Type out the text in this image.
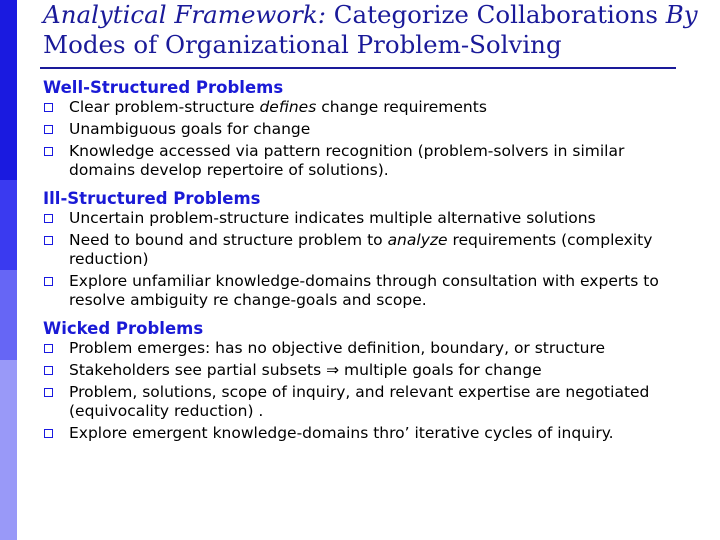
Analytical Framework: Categorize Collaborations By
Modes of Organizational Problem-Solving
Well-Structured Problems
Clear problem-structure defines change requirements
Unambiguous goals for change
Knowledge accessed via pattern recognition (problem-solvers in similar domains develop repertoire of solutions).
Ill-Structured Problems
Uncertain problem-structure indicates multiple alternative solutions
Need to bound and structure problem to analyze requirements (complexity reduction)
Explore unfamiliar knowledge-domains through consultation with experts to resolve ambiguity re change-goals and scope.
Wicked Problems
Problem emerges: has no objective definition, boundary, or structure
Stakeholders see partial subsets ⇒ multiple goals for change
Problem, solutions, scope of inquiry, and relevant expertise are negotiated (equivocality reduction) .
Explore emergent knowledge-domains thro’ iterative cycles of inquiry.
